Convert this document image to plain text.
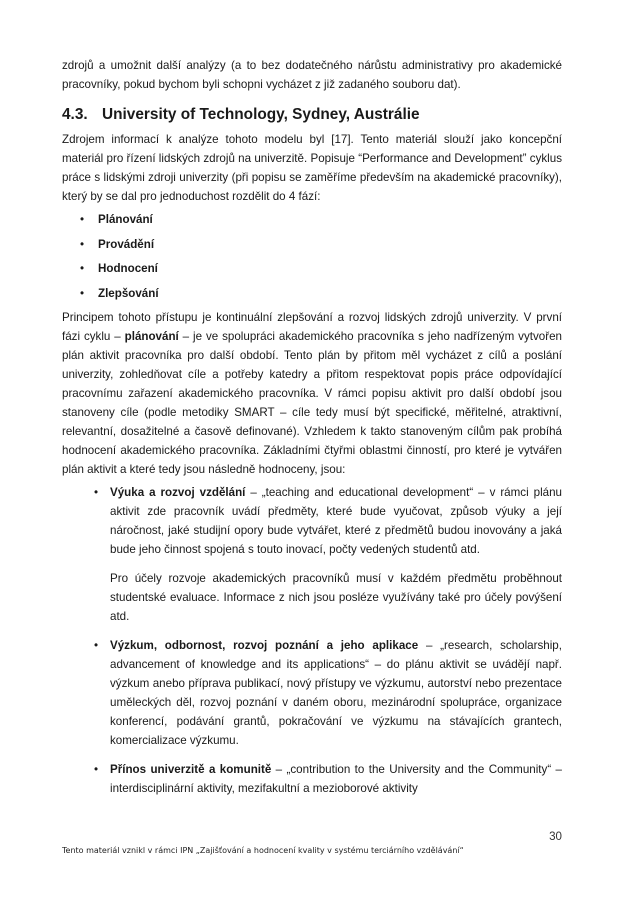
zdrojů a umožnit další analýzy (a to bez dodatečného nárůstu administrativy pro akademické pracovníky, pokud bychom byli schopni vycházet z již zadaného souboru dat).

4.3. University of Technology, Sydney, Austrálie

Zdrojem informací k analýze tohoto modelu byl [17]. Tento materiál slouží jako koncepční materiál pro řízení lidských zdrojů na univerzitě. Popisuje “Performance and Development” cyklus práce s lidskými zdroji univerzity (při popisu se zaměříme především na akademické pracovníky), který by se dal pro jednoduchost rozdělit do 4 fází:

• Plánování
• Provádění
• Hodnocení
• Zlepšování

Principem tohoto přístupu je kontinuální zlepšování a rozvoj lidských zdrojů univerzity. V první fázi cyklu – plánování – je ve spolupráci akademického pracovníka s jeho nadřízeným vytvořen plán aktivit pracovníka pro další období. Tento plán by přitom měl vycházet z cílů a poslání univerzity, zohledňovat cíle a potřeby katedry a přitom respektovat popis práce odpovídající pracovnímu zařazení akademického pracovníka. V rámci popisu aktivit pro další období jsou stanoveny cíle (podle metodiky SMART – cíle tedy musí být specifické, měřitelné, atraktivní, relevantní, dosažitelné a časově definované). Vzhledem k takto stanoveným cílům pak probíhá hodnocení akademického pracovníka. Základními čtyřmi oblastmi činností, pro které je vytvářen plán aktivit a které tedy jsou následně hodnoceny, jsou:

• Výuka a rozvoj vzdělání – „teaching and educational development“ – v rámci plánu aktivit zde pracovník uvádí předměty, které bude vyučovat, způsob výuky a její náročnost, jaké studijní opory bude vytvářet, které z předmětů budou inovovány a jaká bude jeho činnost spojená s touto inovací, počty vedených studentů atd.
Pro účely rozvoje akademických pracovníků musí v každém předmětu proběhnout studentské evaluace. Informace z nich jsou posléze využívány také pro účely povýšení atd.
• Výzkum, odbornost, rozvoj poznání a jeho aplikace – „research, scholarship, advancement of knowledge and its applications“ – do plánu aktivit se uvádějí např. výzkum anebo příprava publikací, nový přístupy ve výzkumu, autorství nebo prezentace uměleckých děl, rozvoj poznání v daném oboru, mezinárodní spolupráce, organizace konferencí, podávání grantů, pokračování ve výzkumu na stávajících grantech, komercializace výzkumu.
• Přínos univerzitě a komunitě – „contribution to the University and the Community“ – interdisciplinární aktivity, mezifakultní a mezioborové aktivity
30
Tento materiál vznikl v rámci IPN „Zajišťování a hodnocení kvality v systému terciárního vzdělávání“
